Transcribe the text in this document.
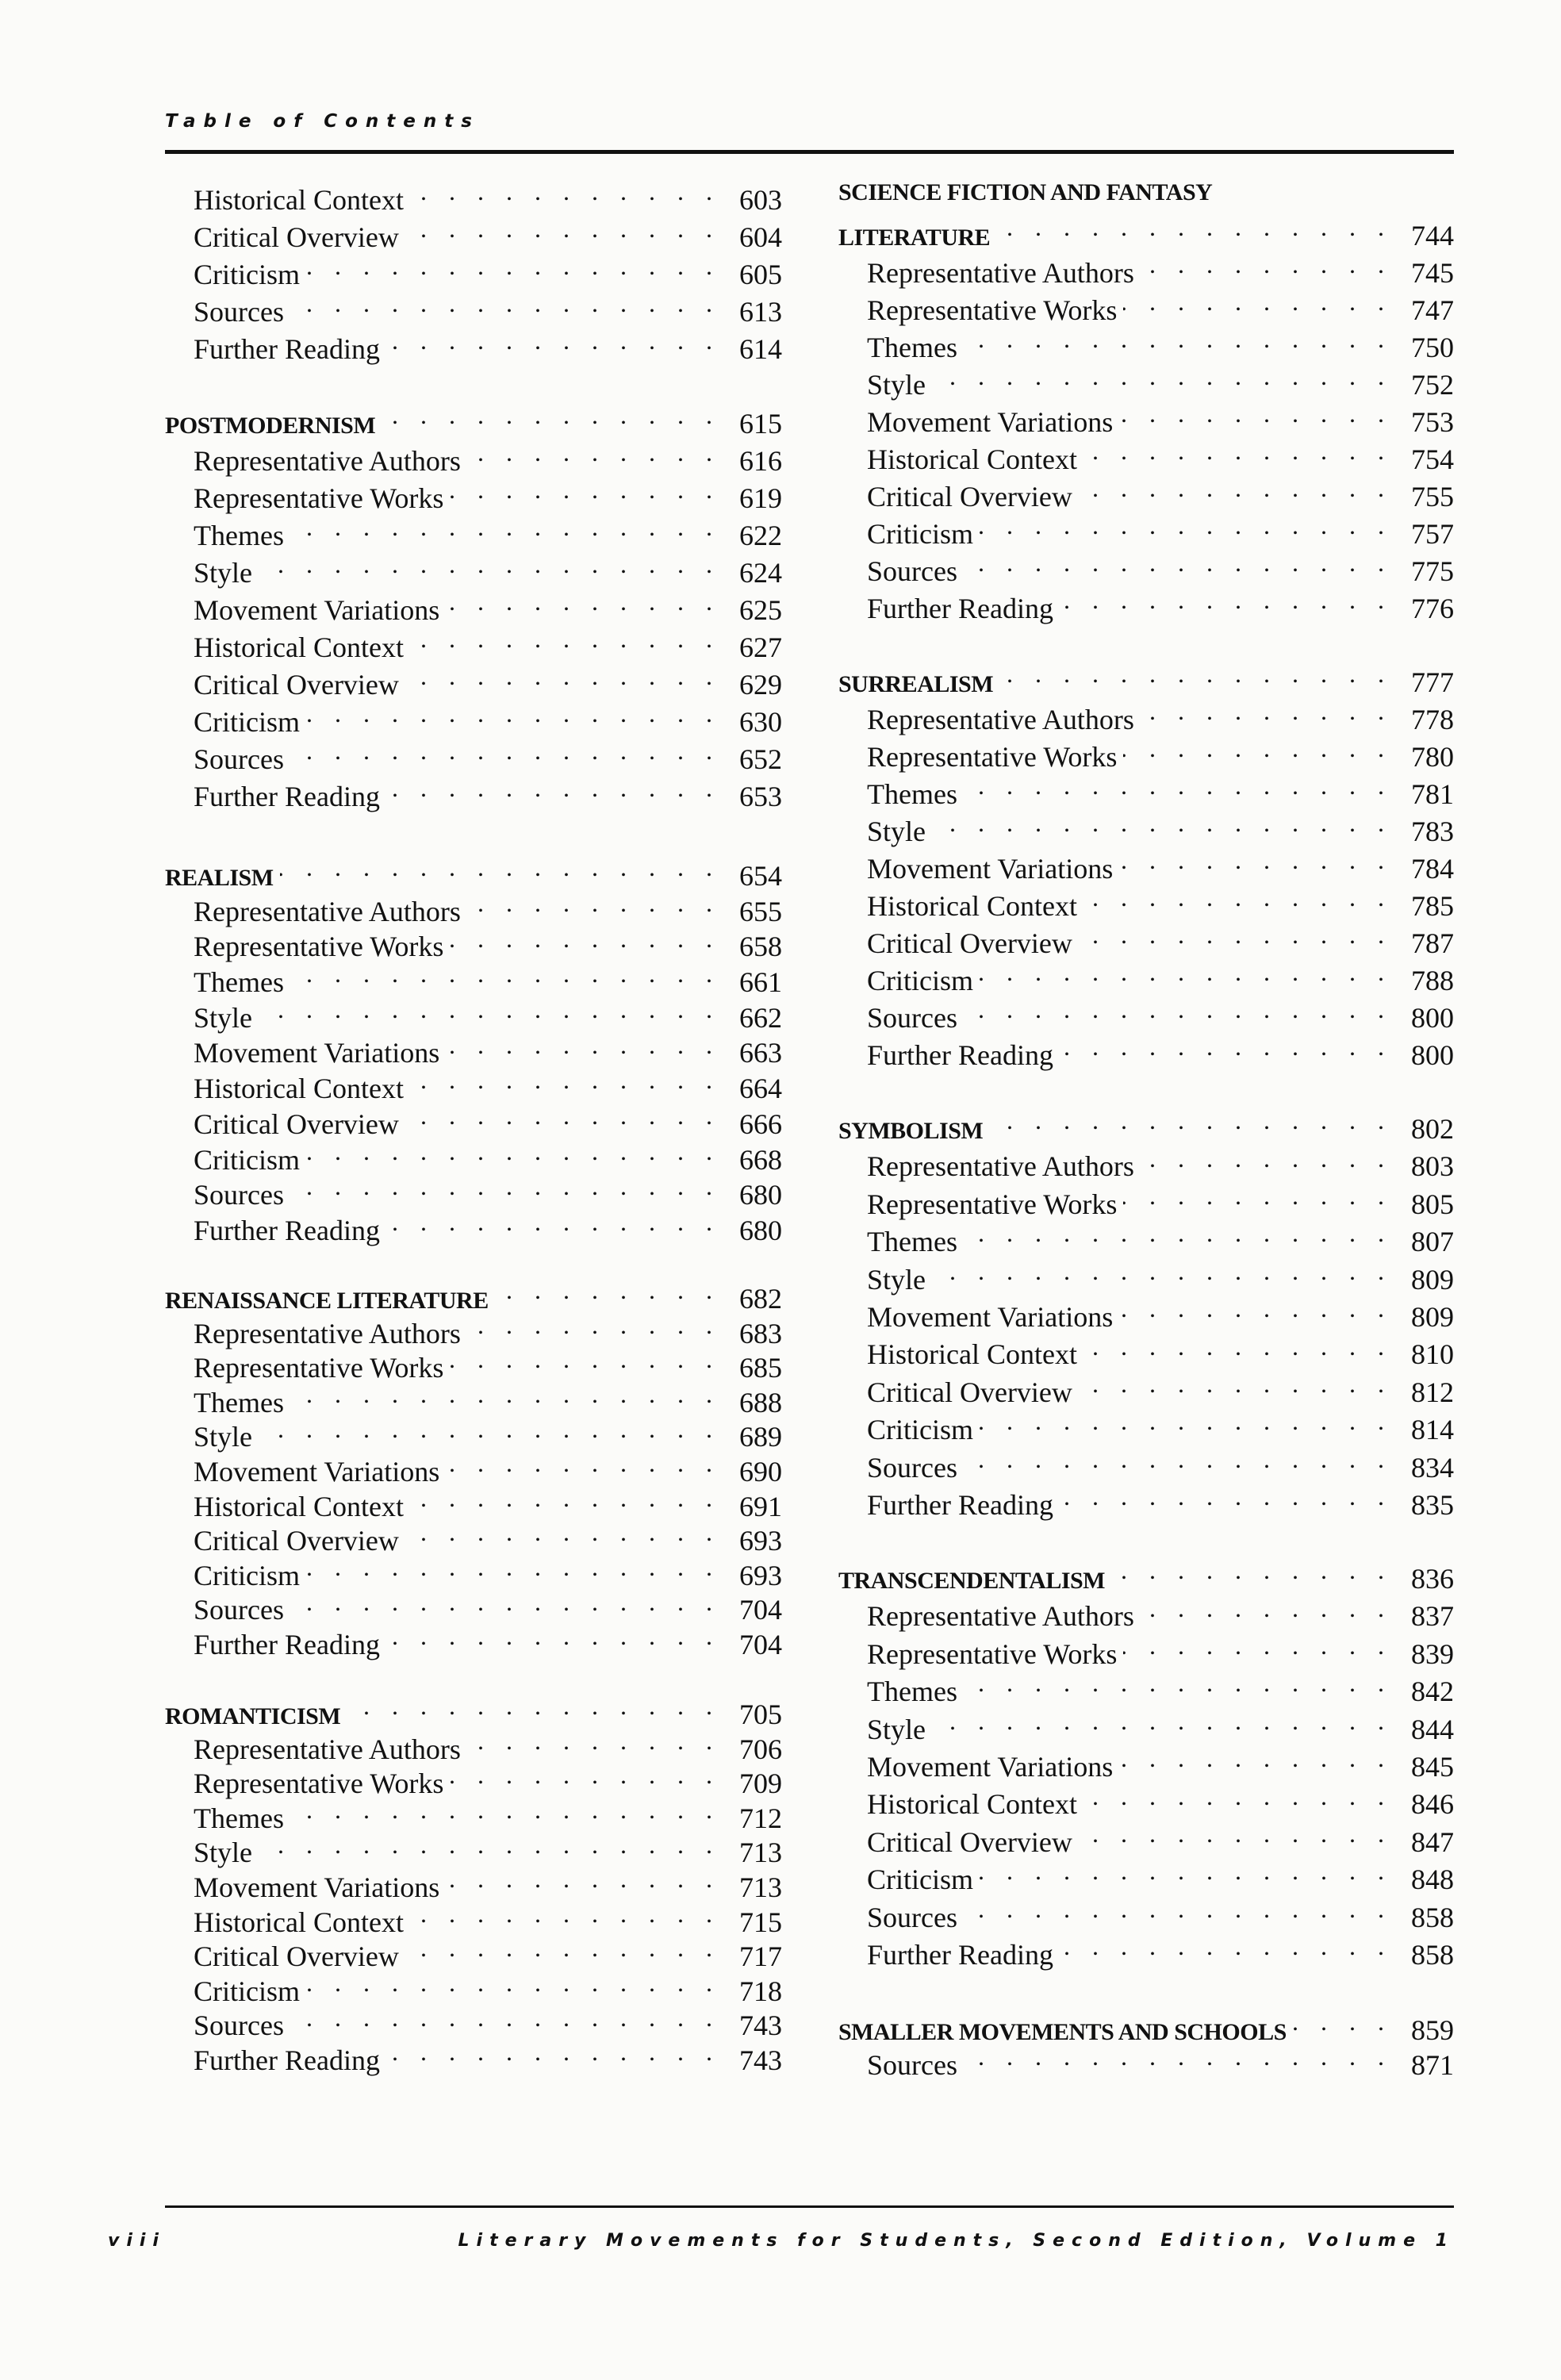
Table of Contents
Historical Context . . .	603
Critical Overview . . .	604
Criticism . . .	605
Sources . . .	613
Further Reading . . .	614
POSTMODERNISM . . .	615
Representative Authors . . .	616
Representative Works . . .	619
Themes . . .	622
Style . . .	624
Movement Variations . . .	625
Historical Context . . .	627
Critical Overview . . .	629
Criticism . . .	630
Sources . . .	652
Further Reading . . .	653
REALISM . . .	654
Representative Authors . . .	655
Representative Works . . .	658
Themes . . .	661
Style . . .	662
Movement Variations . . .	663
Historical Context . . .	664
Critical Overview . . .	666
Criticism . . .	668
Sources . . .	680
Further Reading . . .	680
RENAISSANCE LITERATURE . . .	682
Representative Authors . . .	683
Representative Works . . .	685
Themes . . .	688
Style . . .	689
Movement Variations . . .	690
Historical Context . . .	691
Critical Overview . . .	693
Criticism . . .	693
Sources . . .	704
Further Reading . . .	704
ROMANTICISM . . .	705
Representative Authors . . .	706
Representative Works . . .	709
Themes . . .	712
Style . . .	713
Movement Variations . . .	713
Historical Context . . .	715
Critical Overview . . .	717
Criticism . . .	718
Sources . . .	743
Further Reading . . .	743
SCIENCE FICTION AND FANTASY
LITERATURE . . .	744
Representative Authors . . .	745
Representative Works . . .	747
Themes . . .	750
Style . . .	752
Movement Variations . . .	753
Historical Context . . .	754
Critical Overview . . .	755
Criticism . . .	757
Sources . . .	775
Further Reading . . .	776
SURREALISM . . .	777
Representative Authors . . .	778
Representative Works . . .	780
Themes . . .	781
Style . . .	783
Movement Variations . . .	784
Historical Context . . .	785
Critical Overview . . .	787
Criticism . . .	788
Sources . . .	800
Further Reading . . .	800
SYMBOLISM . . .	802
Representative Authors . . .	803
Representative Works . . .	805
Themes . . .	807
Style . . .	809
Movement Variations . . .	809
Historical Context . . .	810
Critical Overview . . .	812
Criticism . . .	814
Sources . . .	834
Further Reading . . .	835
TRANSCENDENTALISM . . .	836
Representative Authors . . .	837
Representative Works . . .	839
Themes . . .	842
Style . . .	844
Movement Variations . . .	845
Historical Context . . .	846
Critical Overview . . .	847
Criticism . . .	848
Sources . . .	858
Further Reading . . .	858
SMALLER MOVEMENTS AND SCHOOLS . . .	859
Sources . . .	871
viii	Literary Movements for Students, Second Edition, Volume 1
